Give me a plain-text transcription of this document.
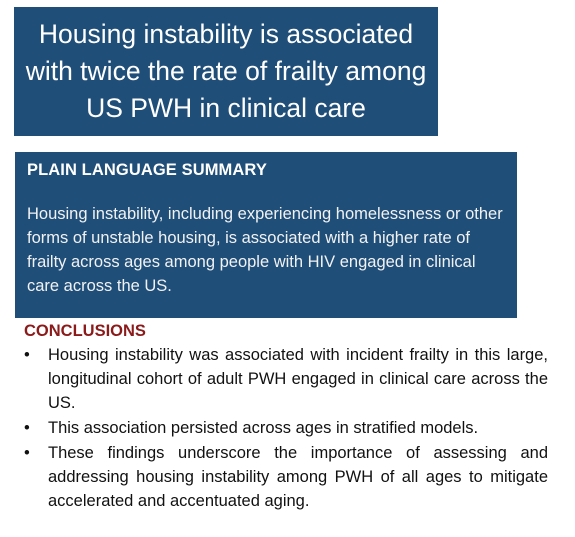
Housing instability is associated with twice the rate of frailty among US PWH in clinical care
PLAIN LANGUAGE SUMMARY

Housing instability, including experiencing homelessness or other forms of unstable housing, is associated with a higher rate of frailty across ages among people with HIV engaged in clinical care across the US.

CONCLUSIONS
•	Housing instability was associated with incident frailty in this large, longitudinal cohort of adult PWH engaged in clinical care across the US.
•	This association persisted across ages in stratified models.
•	These findings underscore the importance of assessing and addressing housing instability among PWH of all ages to mitigate accelerated and accentuated aging.
